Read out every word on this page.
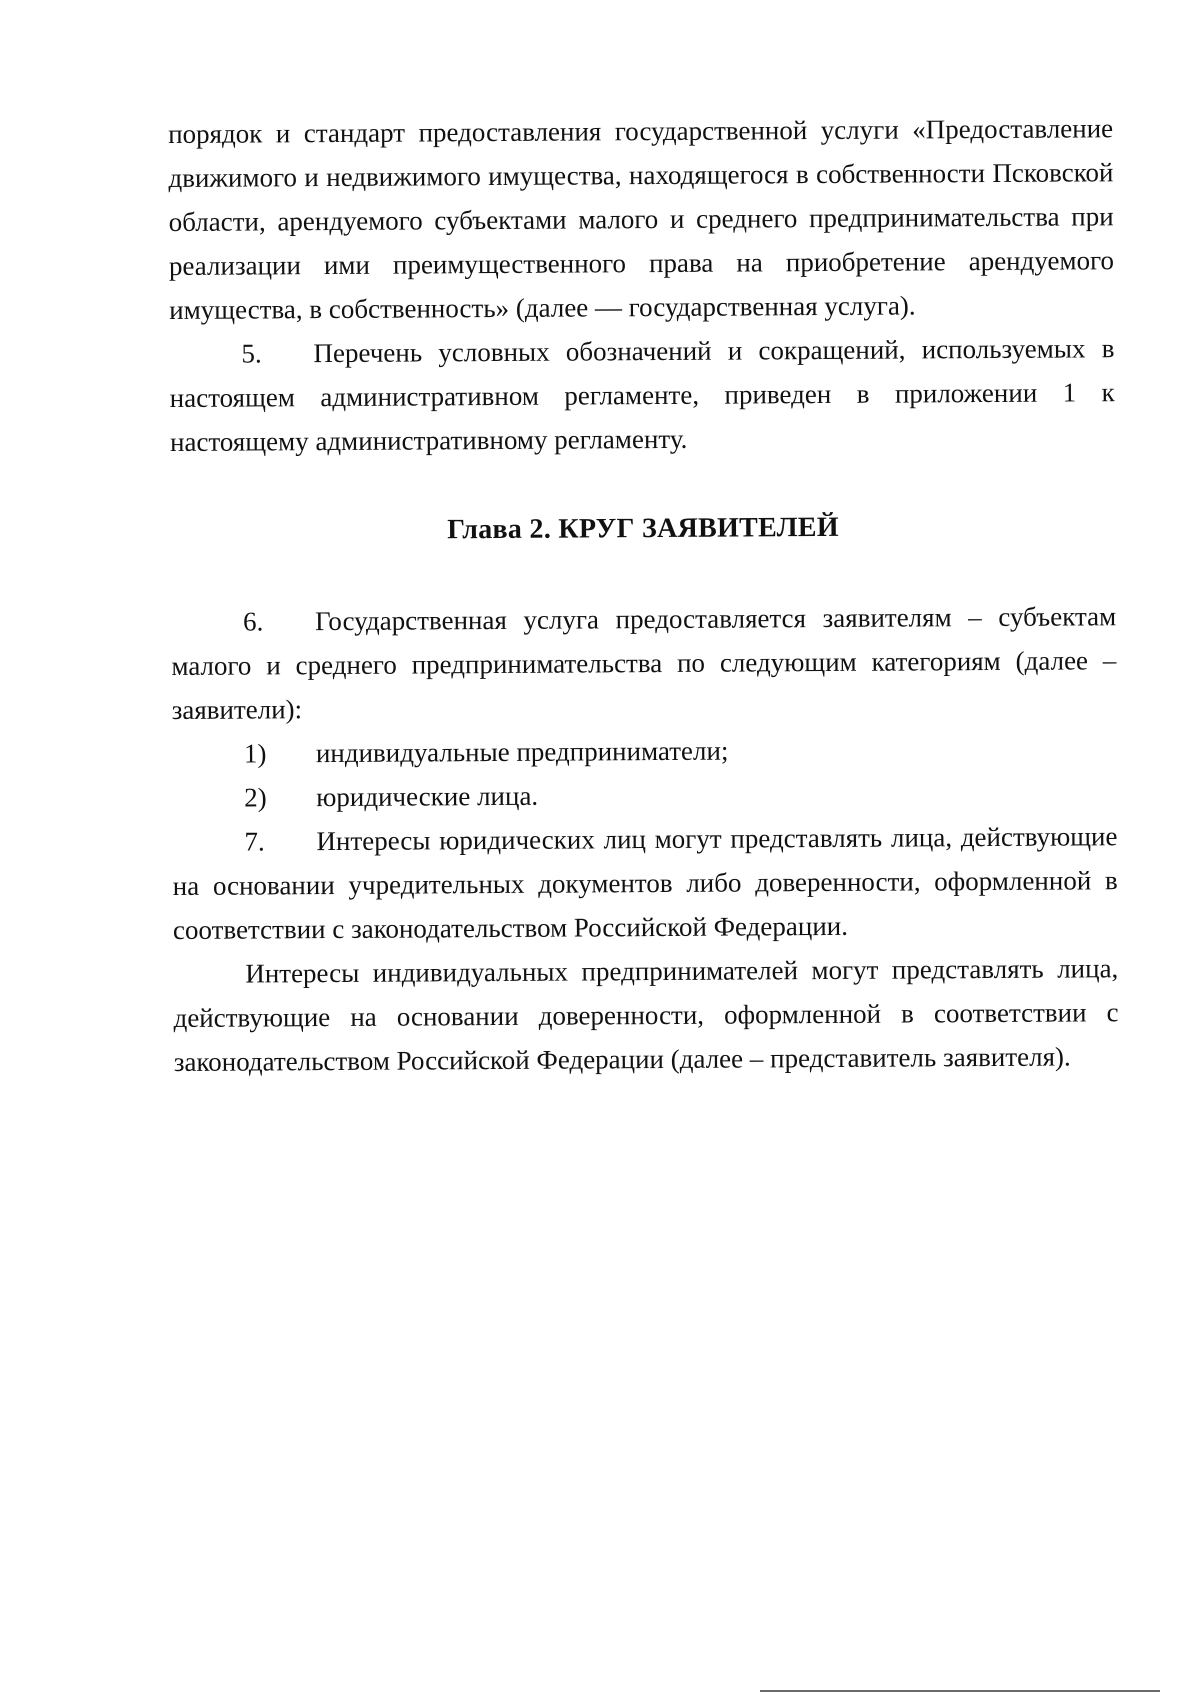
порядок и стандарт предоставления государственной услуги «Предоставление движимого и недвижимого имущества, находящегося в собственности Псковской области, арендуемого субъектами малого и среднего предпринимательства при реализации ими преимущественного права на приобретение арендуемого имущества, в собственность» (далее — государственная услуга).

5. Перечень условных обозначений и сокращений, используемых в настоящем административном регламенте, приведен в приложении 1 к настоящему административному регламенту.

Глава 2. КРУГ ЗАЯВИТЕЛЕЙ

6. Государственная услуга предоставляется заявителям – субъектам малого и среднего предпринимательства по следующим категориям (далее – заявители):

1)	индивидуальные предприниматели;
2)	юридические лица.

7. Интересы юридических лиц могут представлять лица, действующие на основании учредительных документов либо доверенности, оформленной в соответствии с законодательством Российской Федерации.

Интересы индивидуальных предпринимателей могут представлять лица, действующие на основании доверенности, оформленной в соответствии с законодательством Российской Федерации (далее – представитель заявителя).
